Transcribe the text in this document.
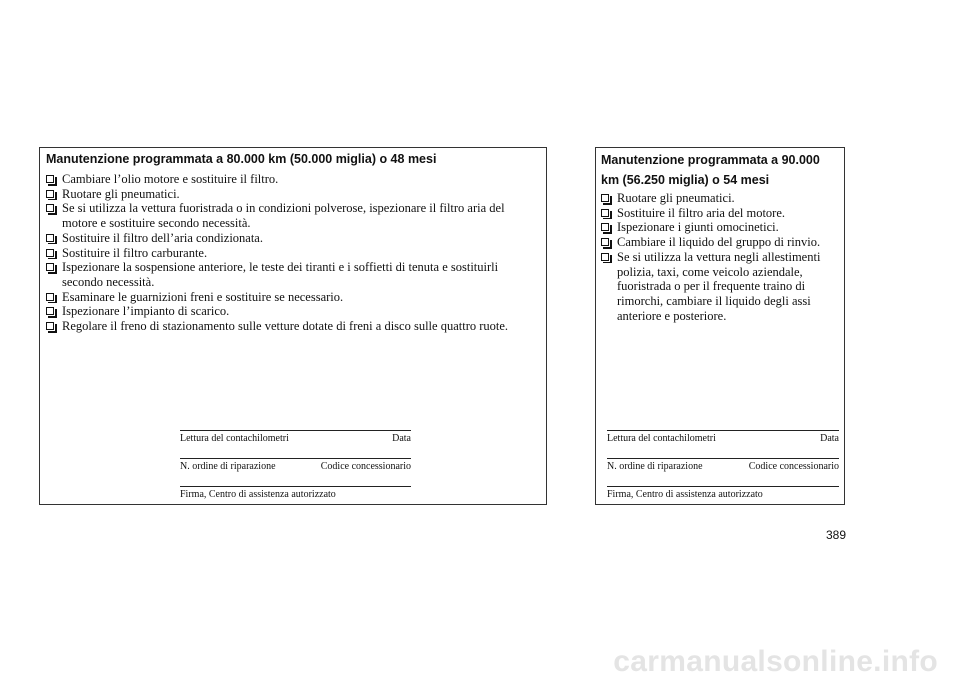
Manutenzione programmata a 80.000 km (50.000 miglia) o 48 mesi
Cambiare l’olio motore e sostituire il filtro.
Ruotare gli pneumatici.
Se si utilizza la vettura fuoristrada o in condizioni polverose, ispezionare il filtro aria del motore e sostituire secondo necessità.
Sostituire il filtro dell’aria condizionata.
Sostituire il filtro carburante.
Ispezionare la sospensione anteriore, le teste dei tiranti e i soffietti di tenuta e sostituirli secondo necessità.
Esaminare le guarnizioni freni e sostituire se necessario.
Ispezionare l’impianto di scarico.
Regolare il freno di stazionamento sulle vetture dotate di freni a disco sulle quattro ruote.
Lettura del contachilometri	Data
N. ordine di riparazione	Codice concessionario
Firma, Centro di assistenza autorizzato
Manutenzione programmata a 90.000 km (56.250 miglia) o 54 mesi
Ruotare gli pneumatici.
Sostituire il filtro aria del motore.
Ispezionare i giunti omocinetici.
Cambiare il liquido del gruppo di rinvio.
Se si utilizza la vettura negli allestimenti polizia, taxi, come veicolo aziendale, fuoristrada o per il frequente traino di rimorchi, cambiare il liquido degli assi anteriore e posteriore.
Lettura del contachilometri	Data
N. ordine di riparazione	Codice concessionario
Firma, Centro di assistenza autorizzato
389
carmanualsonline.info
